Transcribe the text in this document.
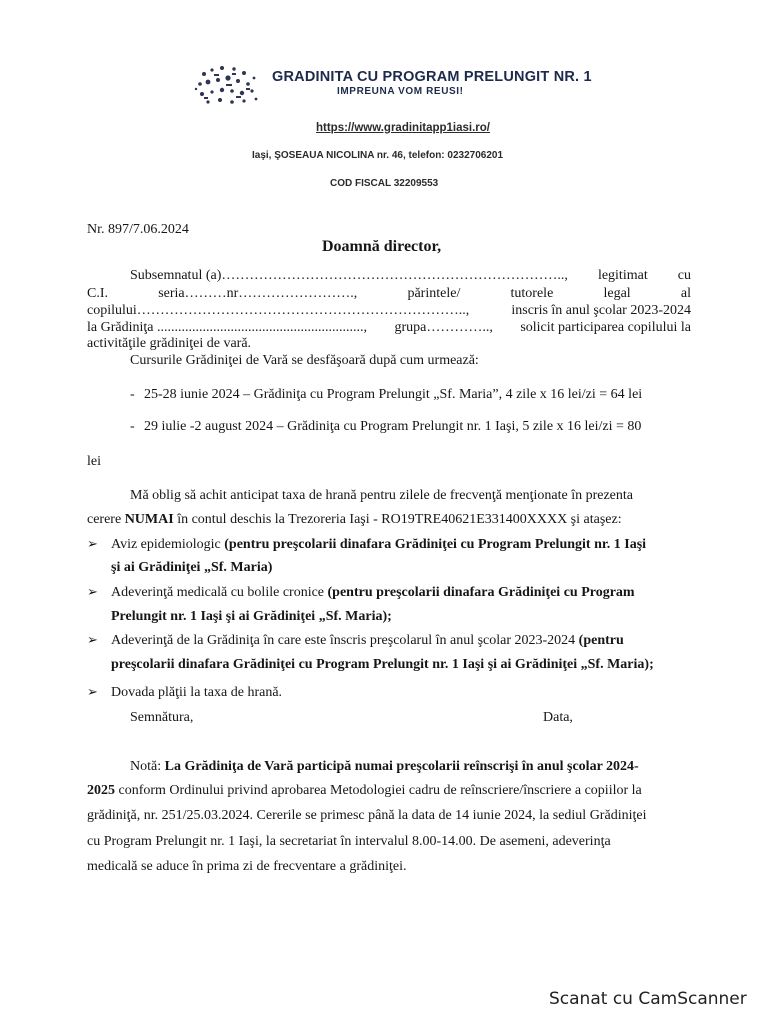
GRADINITA CU PROGRAM PRELUNGIT NR. 1
IMPREUNA VOM REUSI!
https://www.gradinitapp1iasi.ro/
Iaşi, ŞOSEAUA NICOLINA nr. 46, telefon: 0232706201
COD FISCAL 32209553
Nr. 897/7.06.2024
Doamnă director,
Subsemnatul (a)……………………………………………………………….., legitimat cu
C.I.	seria………nr…………………….,	părintele/	tutorele	legal	al
copilului……………………………………………………………..,	inscris în anul şcolar 2023-2024
la Grădiniţa ..........................................................., grupa………….., solicit participarea copilului la
activităţile grădiniţei de vară.
Cursurile Grădiniţei de Vară se desfăşoară după cum urmează:
- 25-28 iunie 2024 – Grădiniţa cu Program Prelungit „Sf. Maria”, 4 zile x 16 lei/zi = 64 lei
- 29 iulie -2 august 2024 – Grădiniţa cu Program Prelungit nr. 1 Iaşi, 5 zile x 16 lei/zi = 80
lei
Mă oblig să achit anticipat taxa de hrană pentru zilele de frecvenţă menţionate în prezenta
cerere NUMAI în contul deschis la Trezoreria Iaşi - RO19TRE40621E331400XXXX şi ataşez:
➢ Aviz epidemiologic (pentru preşcolarii dinafara Grădiniţei cu Program Prelungit nr. 1 Iaşi
şi ai Grădiniţei „Sf. Maria)
➢ Adeverinţă medicală cu bolile cronice (pentru preşcolarii dinafara Grădiniţei cu Program
Prelungit nr. 1 Iaşi şi ai Grădiniţei „Sf. Maria);
➢ Adeverinţă de la Grădiniţa în care este înscris preşcolarul în anul şcolar 2023-2024 (pentru
preşcolarii dinafara Grădiniţei cu Program Prelungit nr. 1 Iaşi şi ai Grădiniţei „Sf. Maria);
➢ Dovada plăţii la taxa de hrană.
Semnătura,	Data,
Notă: La Grădiniţa de Vară participă numai preşcolarii reînscrişi în anul şcolar 2024-
2025 conform Ordinului privind aprobarea Metodologiei cadru de reînscriere/înscriere a copiilor la
grădiniţă, nr. 251/25.03.2024. Cererile se primesc până la data de 14 iunie 2024, la sediul Grădiniţei
cu Program Prelungit nr. 1 Iaşi, la secretariat în intervalul 8.00-14.00. De asemeni, adeverinţa
medicală se aduce în prima zi de frecventare a grădiniţei.
Scanat cu CamScanner
